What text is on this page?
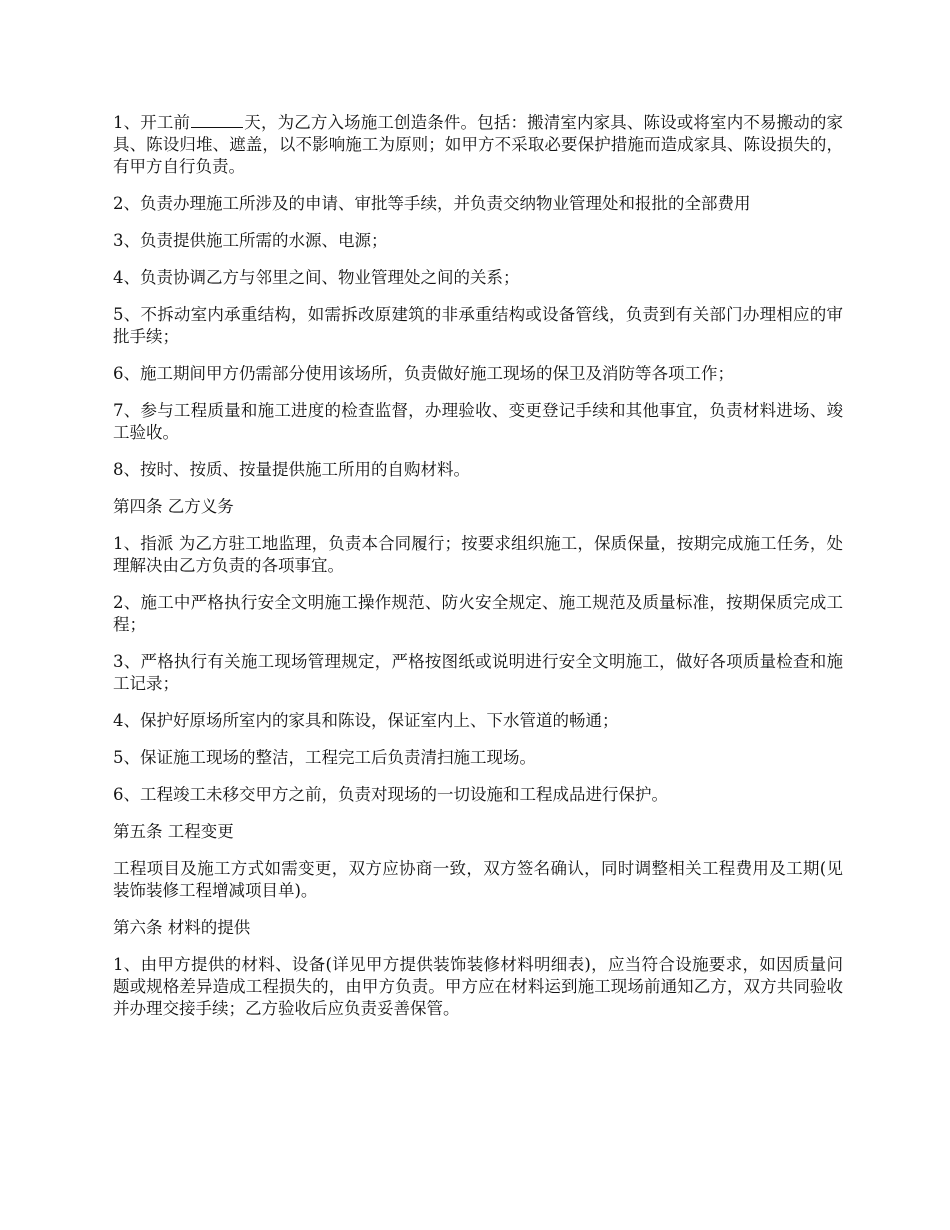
1、开工前	天，为乙方入场施工创造条件。包括：搬清室内家具、陈设或将室内不易搬动的家具、陈设归堆、遮盖，以不影响施工为原则；如甲方不采取必要保护措施而造成家具、陈设损失的，有甲方自行负责。

2、负责办理施工所涉及的申请、审批等手续，并负责交纳物业管理处和报批的全部费用

3、负责提供施工所需的水源、电源；

4、负责协调乙方与邻里之间、物业管理处之间的关系；

5、不拆动室内承重结构，如需拆改原建筑的非承重结构或设备管线，负责到有关部门办理相应的审批手续；

6、施工期间甲方仍需部分使用该场所，负责做好施工现场的保卫及消防等各项工作；

7、参与工程质量和施工进度的检查监督，办理验收、变更登记手续和其他事宜，负责材料进场、竣工验收。

8、按时、按质、按量提供施工所用的自购材料。

第四条 乙方义务

1、指派 为乙方驻工地监理，负责本合同履行；按要求组织施工，保质保量，按期完成施工任务，处理解决由乙方负责的各项事宜。

2、施工中严格执行安全文明施工操作规范、防火安全规定、施工规范及质量标准，按期保质完成工程；

3、严格执行有关施工现场管理规定，严格按图纸或说明进行安全文明施工，做好各项质量检查和施工记录；

4、保护好原场所室内的家具和陈设，保证室内上、下水管道的畅通；

5、保证施工现场的整洁，工程完工后负责清扫施工现场。

6、工程竣工未移交甲方之前，负责对现场的一切设施和工程成品进行保护。

第五条 工程变更

工程项目及施工方式如需变更，双方应协商一致，双方签名确认，同时调整相关工程费用及工期(见装饰装修工程增减项目单)。

第六条 材料的提供

1、由甲方提供的材料、设备(详见甲方提供装饰装修材料明细表)，应当符合设施要求，如因质量问题或规格差异造成工程损失的，由甲方负责。甲方应在材料运到施工现场前通知乙方，双方共同验收并办理交接手续；乙方验收后应负责妥善保管。
